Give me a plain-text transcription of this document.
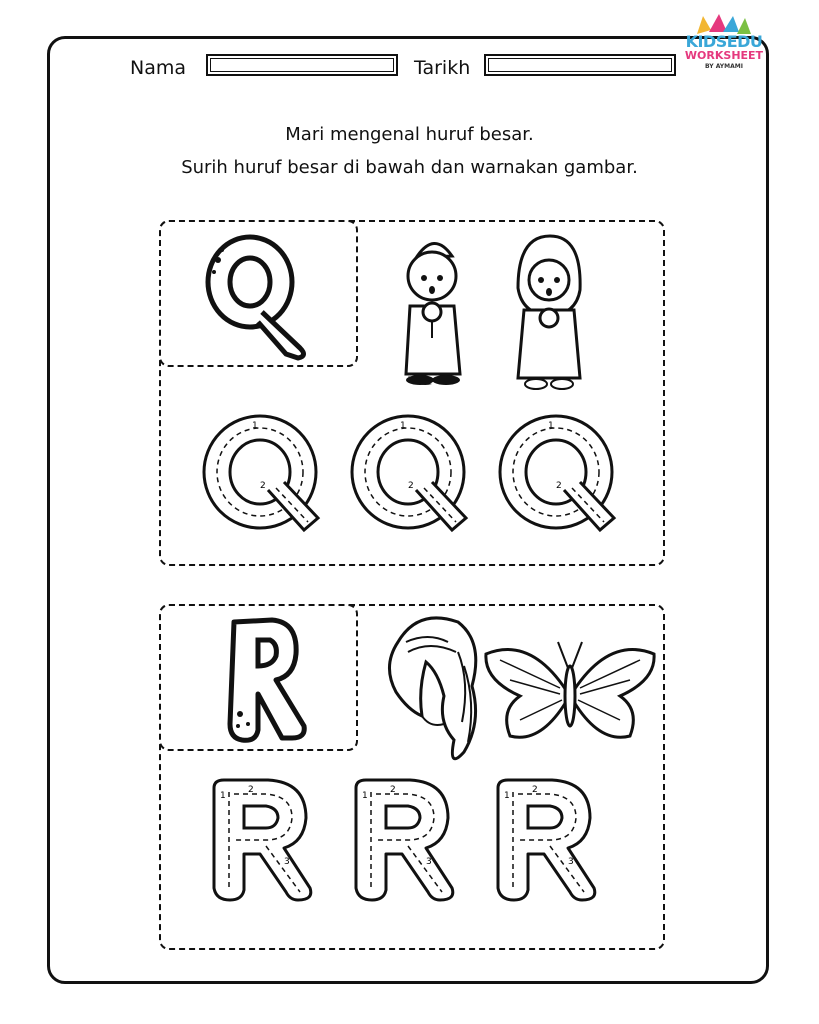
Nama	Tarikh
KIDSEDU
WORKSHEET
BY AYMAMI
Mari mengenal huruf besar.
Surih huruf besar di bawah dan warnakan gambar.
1
2
1
2
1
2
1
2
3
1
2
3
1
2
3
